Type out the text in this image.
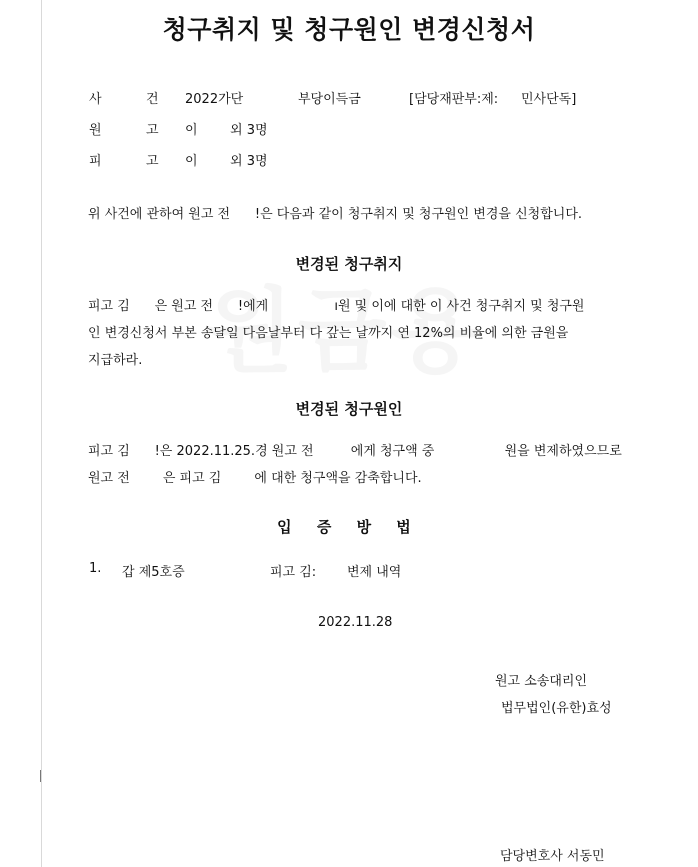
청구취지 및 청구원인 변경신청서
사	건 2022가단	부당이득금	[담당재판부:제: 민사단독]
원	고 이 외 3명
피	고 이 외 3명
위 사건에 관하여 원고 전      !은 다음과 같이 청구취지 및 청구원인 변경을 신청합니다.
변경된 청구취지
피고 김      은 원고 전      !에게                ı원 및 이에 대한 이 사건 청구취지 및 청구원
인 변경신청서 부본 송달일 다음날부터 다 갚는 날까지 연 12%의 비율에 의한 금원을
지급하라.
변경된 청구원인
피고 김      !은 2022.11.25.경 원고 전         에게 청구액 중                 원을 변제하였으므로
원고 전        은 피고 김        에 대한 청구액을 감축합니다.
입 증 방 법
1. 갑 제5호증	피고 김: 변제 내역
2022.11.28
원고 소송대리인
법무법인(유한)효성
담당변호사 서동민
